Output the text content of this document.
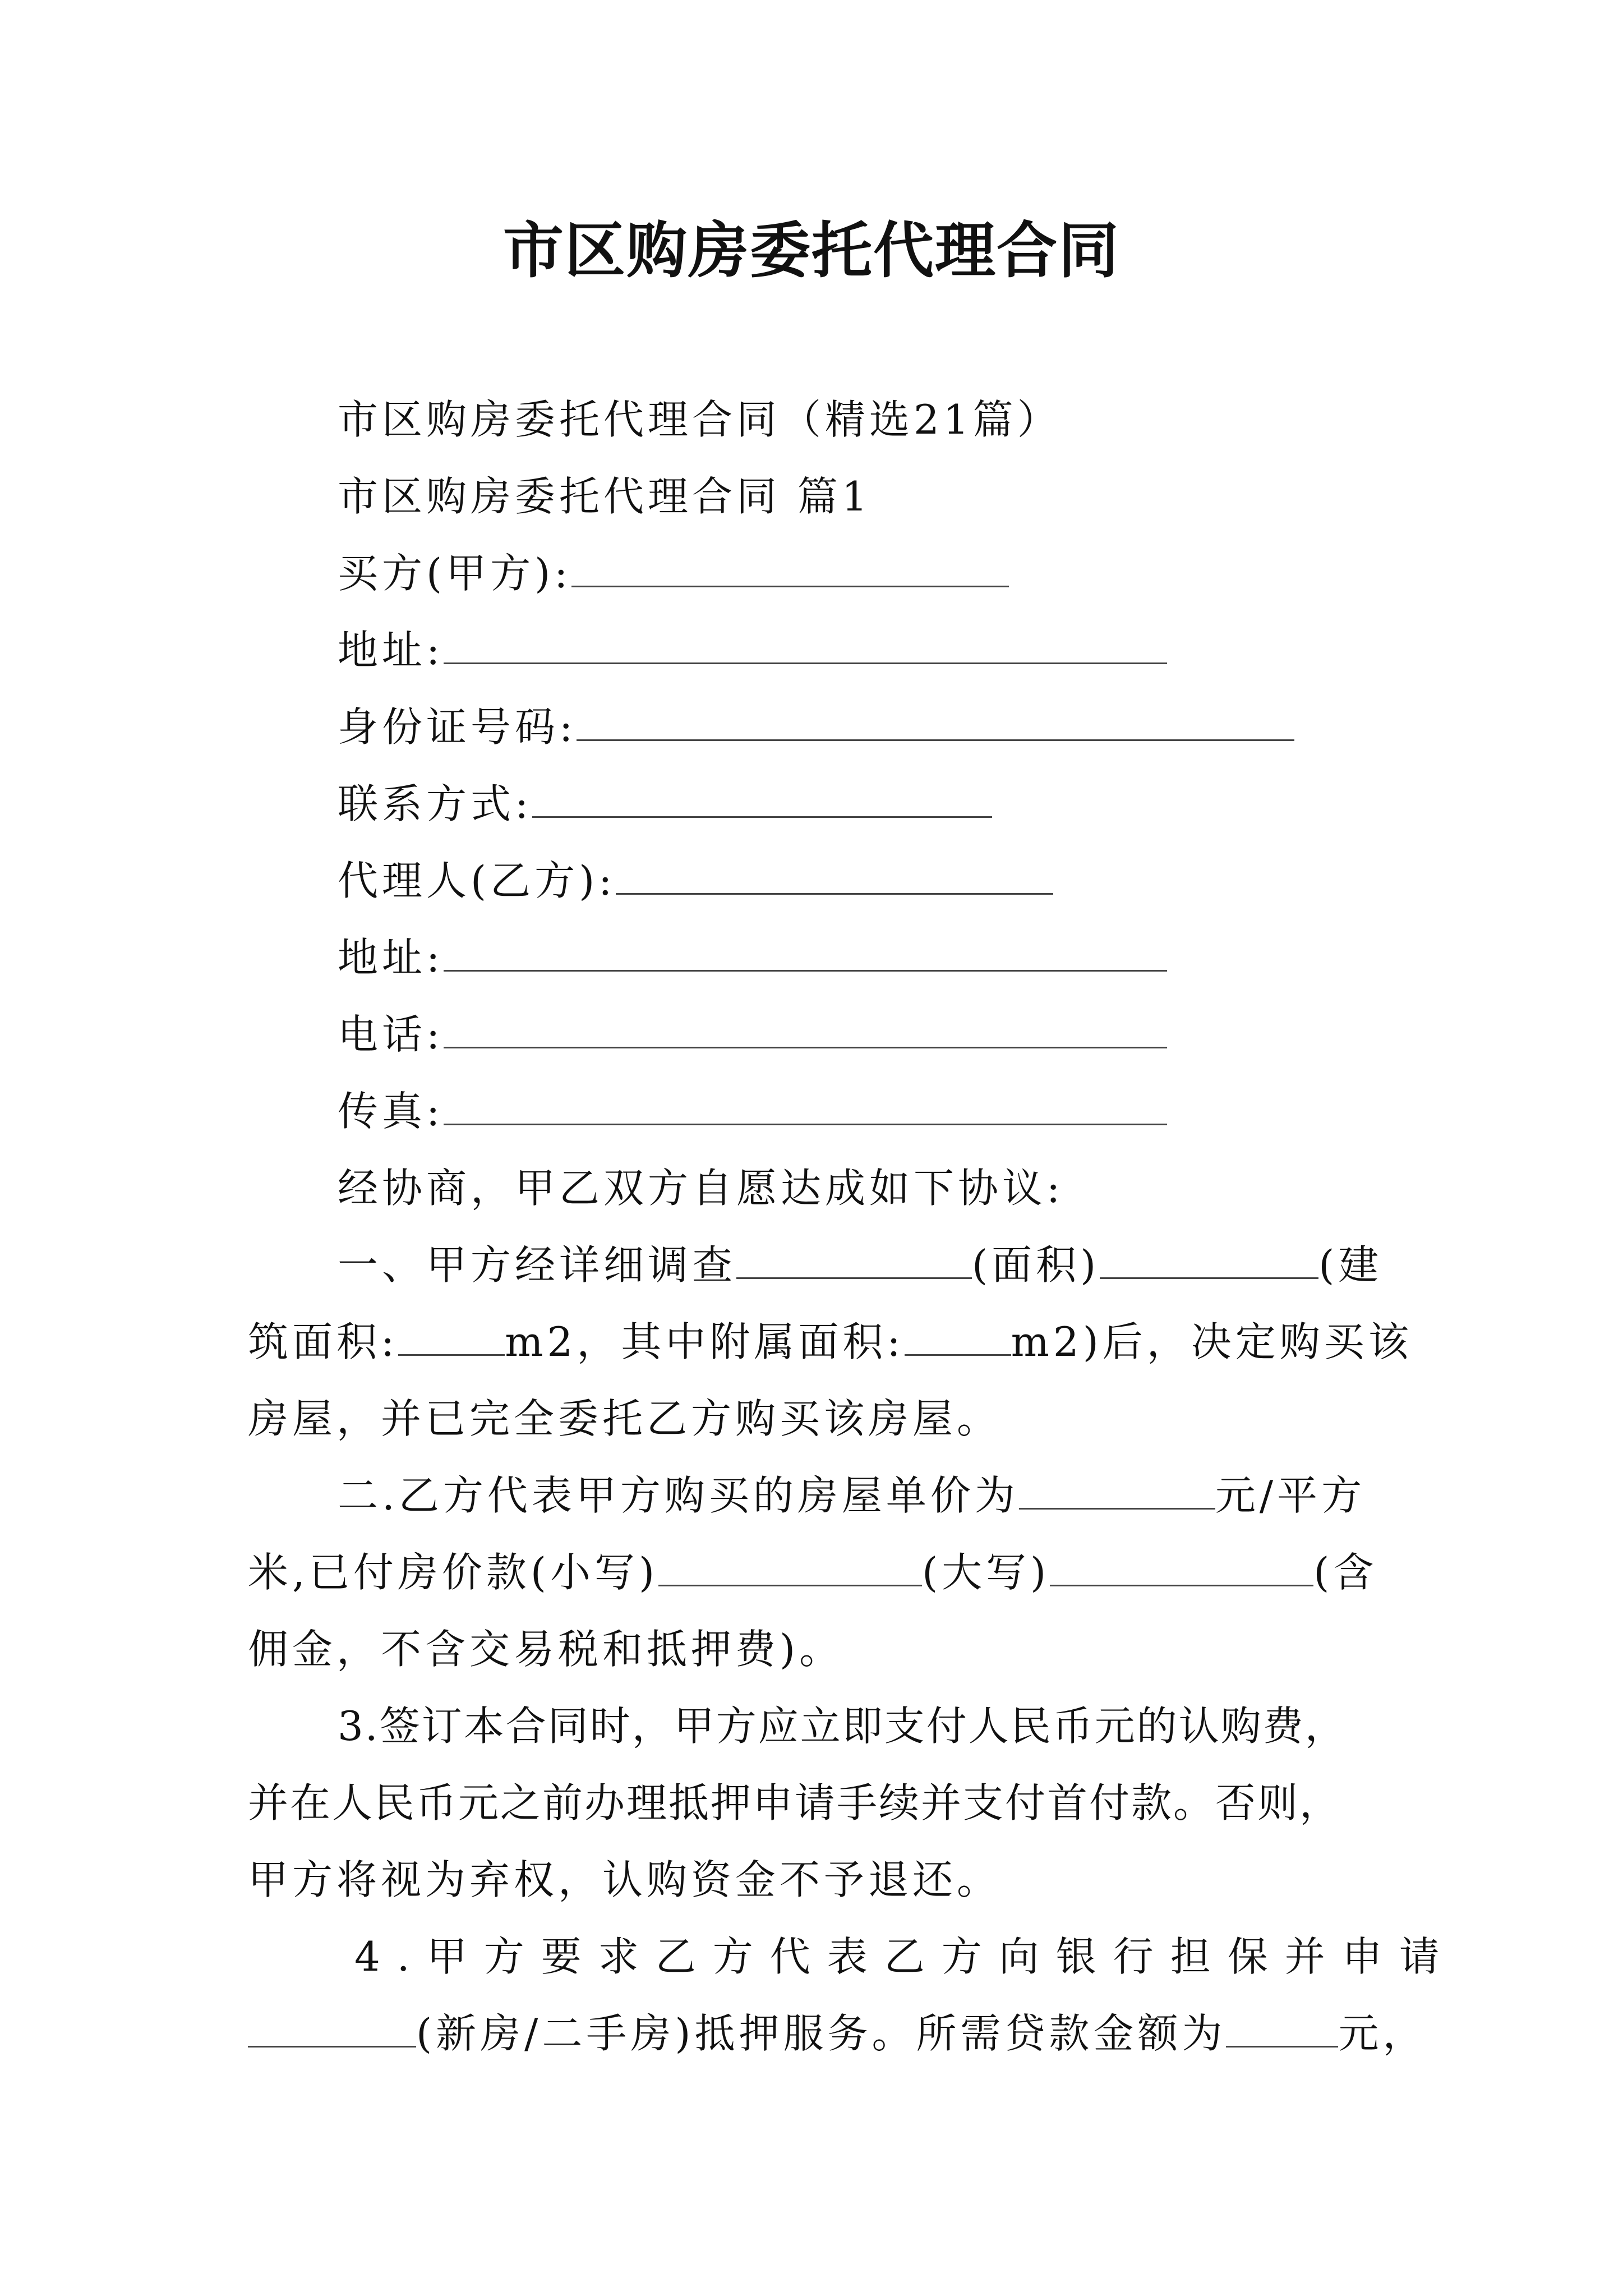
市区购房委托代理合同
市区购房委托代理合同（精选21篇）
市区购房委托代理合同 篇1
买方(甲方):
地址:
身份证号码:
联系方式:
代理人(乙方):
地址:
电话:
传真:
经协商，甲乙双方自愿达成如下协议:
一、甲方经详细调查	(面积)	(建
筑面积:	m2，其中附属面积:	m2)后，决定购买该
房屋，并已完全委托乙方购买该房屋。
二.乙方代表甲方购买的房屋单价为	元/平方
米,已付房价款(小写)	(大写)	(含
佣金，不含交易税和抵押费)。
3.签订本合同时，甲方应立即支付人民币元的认购费，
并在人民币元之前办理抵押申请手续并支付首付款。否则，
甲方将视为弃权，认购资金不予退还。
4.甲方要求乙方代表乙方向银行担保并申请
(新房/二手房)抵押服务。所需贷款金额为	元，
